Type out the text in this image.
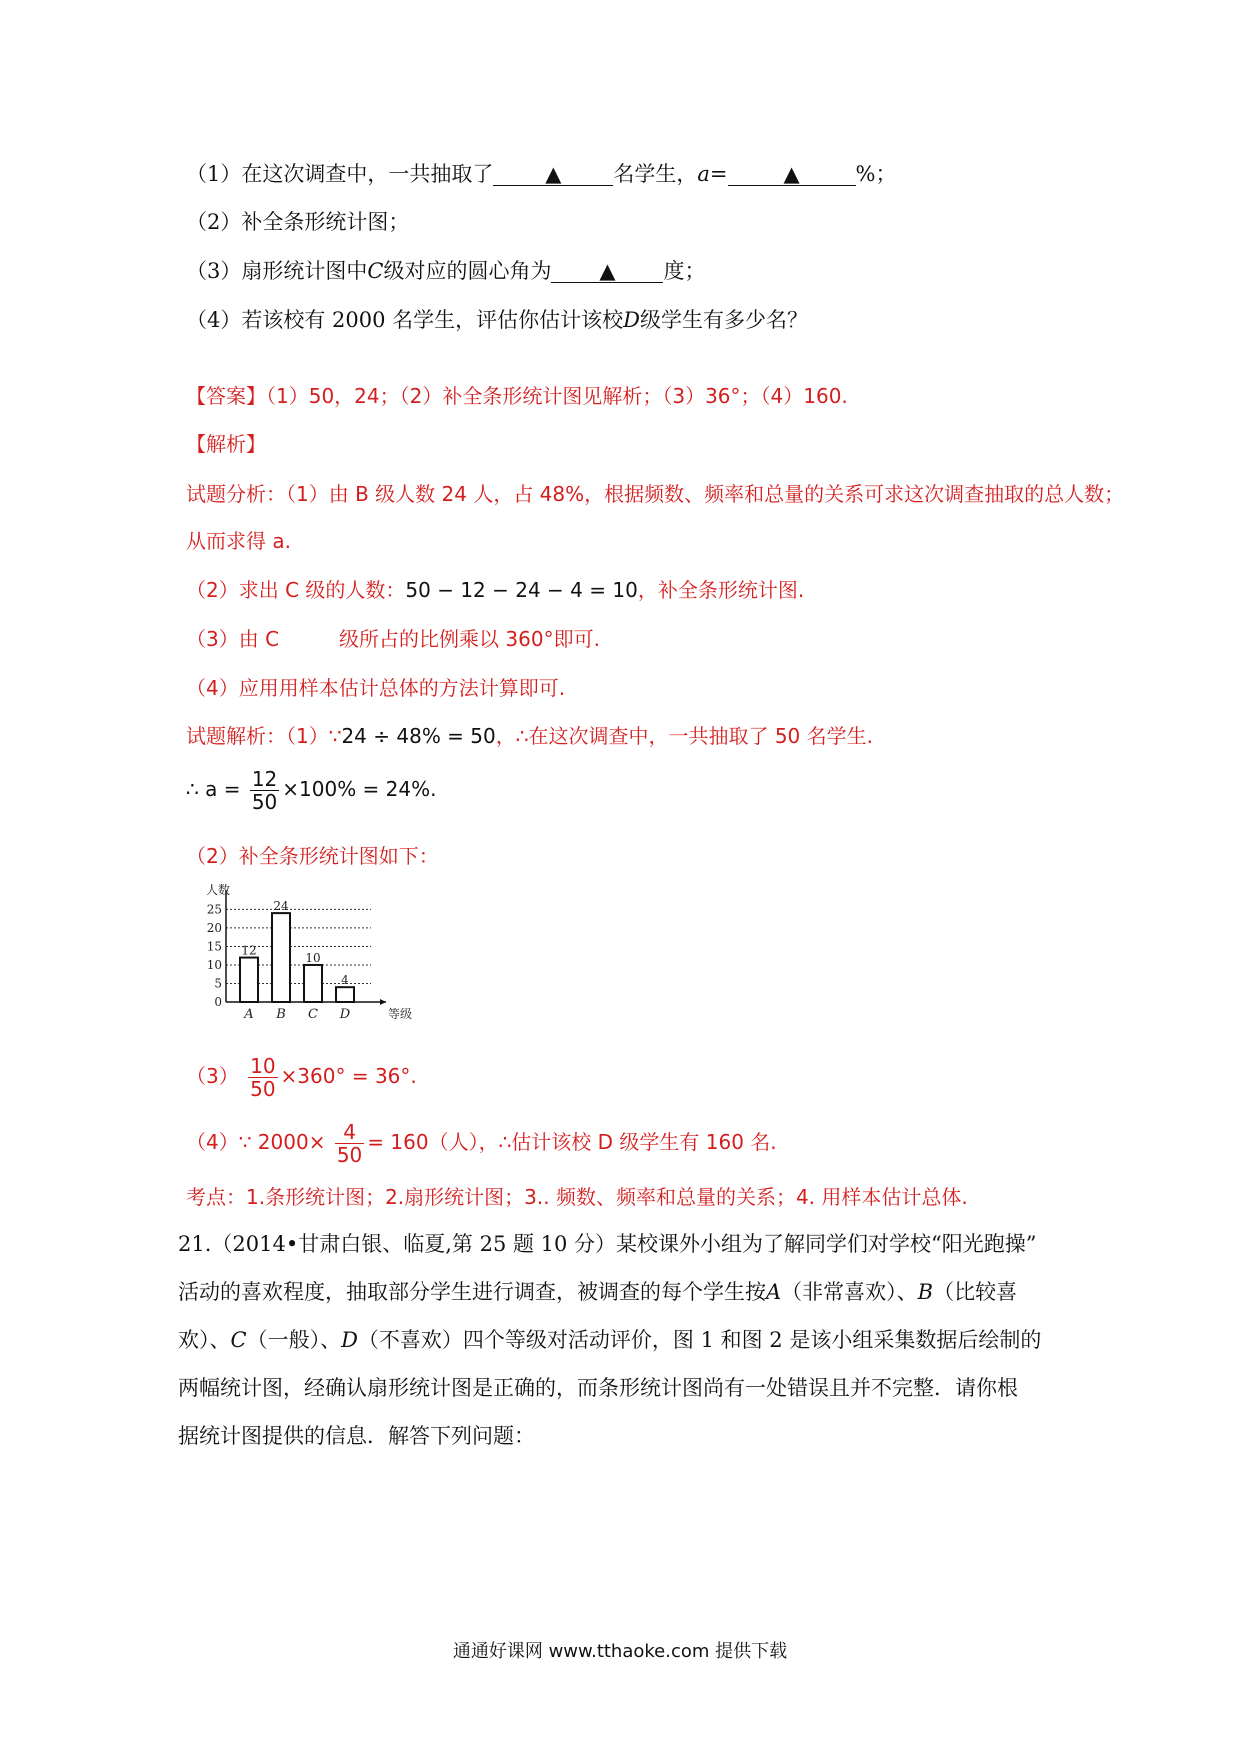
（1）在这次调查中，一共抽取了 ▲ 名学生，a=	▲	%；
（2）补全条形统计图；
（3）扇形统计图中C级对应的圆心角为 ▲ 度；
（4）若该校有 2000 名学生，评估你估计该校D级学生有多少名？
【答案】（1）50，24；（2）补全条形统计图见解析；（3）36°；（4）160.
【解析】
试题分析：（1）由 B 级人数 24 人，占 48%，根据频数、频率和总量的关系可求这次调查抽取的总人数；
从而求得 a.
（2）求出 C 级的人数：50 − 12 − 24 − 4 = 10，补全条形统计图.
（3）由 C	级所占的比例乘以 360°即可.
（4）应用用样本估计总体的方法计算即可.
试题解析：（1）∵24 ÷ 48% = 50，∴在这次调查中，一共抽取了 50 名学生.
∴ $a = \frac{12}{50} \times 100\% = 24\%$.
（2）补全条形统计图如下：
0
5
10
15
20
25
人数
等级
12
A
24
B
10
C
4
D
$(3) \frac{10}{50} \times 360^\circ = 36^\circ$.
（4）∵ $2000\times \frac{4}{50} = 160$（人），∴估计该校 D 级学生有 160 名.
考点：1.条形统计图；2.扇形统计图；3.. 频数、频率和总量的关系；4. 用样本估计总体.
21.（2014•甘肃白银、临夏,第 25 题 10 分）某校课外小组为了解同学们对学校“阳光跑操”
活动的喜欢程度，抽取部分学生进行调查，被调查的每个学生按A（非常喜欢）、B（比较喜
欢）、C（一般）、D（不喜欢）四个等级对活动评价，图 1 和图 2 是该小组采集数据后绘制的
两幅统计图，经确认扇形统计图是正确的，而条形统计图尚有一处错误且并不完整．请你根
据统计图提供的信息．解答下列问题：
通通好课网 www.tthaoke.com 提供下载
